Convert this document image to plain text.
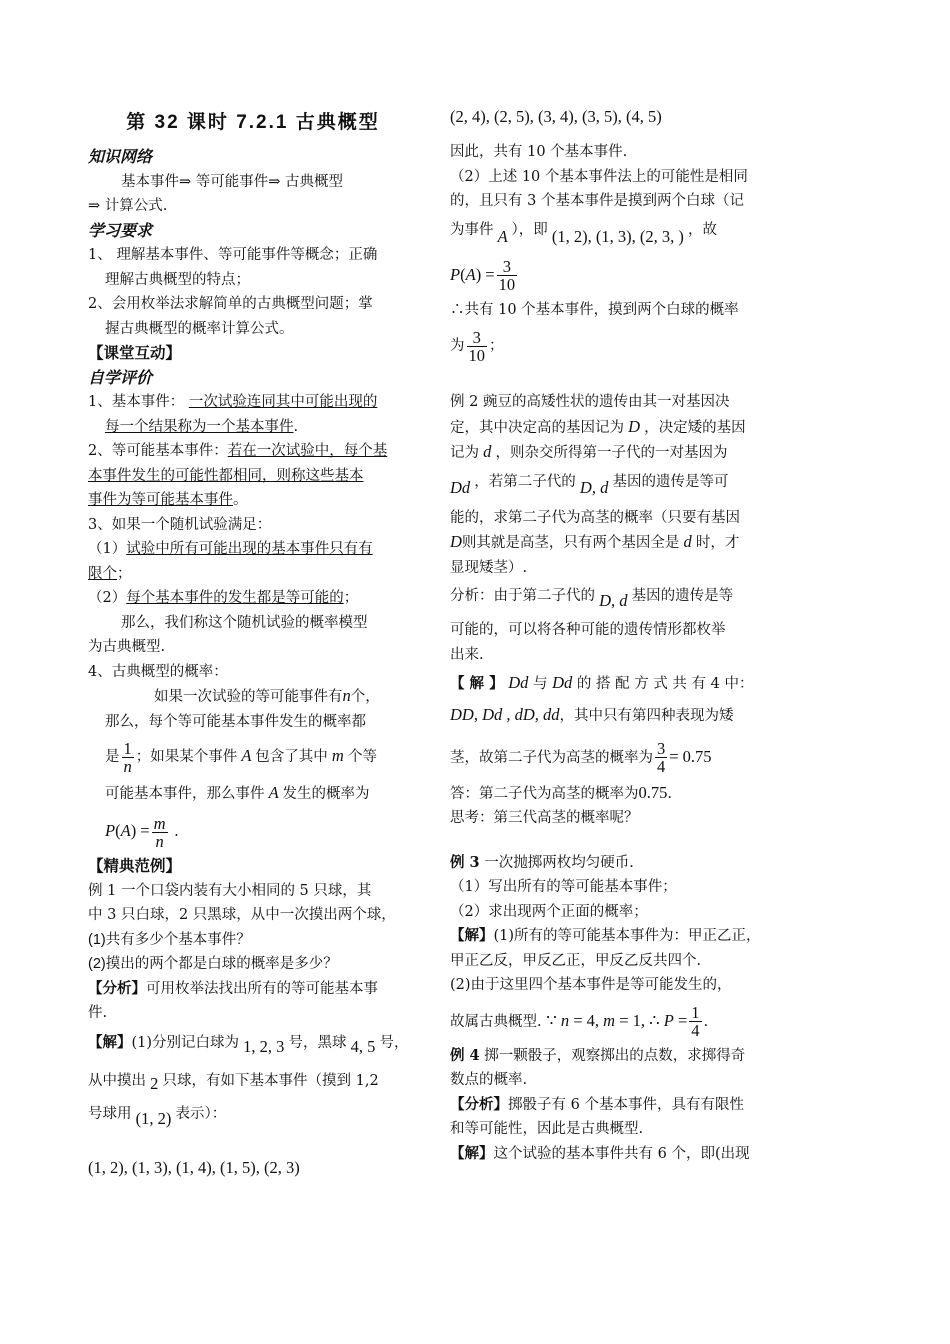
第 32 课时 7.2.1 古典概型

知识网络

基本事件⇒ 等可能事件⇒ 古典概型

⇒ 计算公式.

学习要求

1、 理解基本事件、等可能事件等概念；正确

理解古典概型的特点；

2、会用枚举法求解简单的古典概型问题；掌

握古典概型的概率计算公式。

【课堂互动】

自学评价

1、基本事件： 一次试验连同其中可能出现的

每一个结果称为一个基本事件.

2、等可能基本事件：若在一次试验中，每个基

本事件发生的可能性都相同，则称这些基本

事件为等可能基本事件。

3、如果一个随机试验满足：

（1）试验中所有可能出现的基本事件只有有

限个；

（2）每个基本事件的发生都是等可能的；

那么，我们称这个随机试验的概率模型

为古典概型.

4、古典概型的概率：

如果一次试验的等可能事件有n个，

那么，每个等可能基本事件发生的概率都

是 $\frac{1}{n}$ ；如果某个事件 A 包含了其中 m 个等

可能基本事件，那么事件 A 发生的概率为

$P(A) = \frac{m}{n}$ .

【精典范例】

例 1 一个口袋内装有大小相同的 5 只球，其

中 3 只白球，2 只黑球，从中一次摸出两个球，

(1)共有多少个基本事件？

(2)摸出的两个都是白球的概率是多少？

【分析】可用枚举法找出所有的等可能基本事

件.

【解】(1)分别记白球为 1, 2, 3 号，黑球 4, 5 号，

从中摸出 2 只球，有如下基本事件（摸到 1,2

号球用 (1, 2) 表示）：

(1, 2), (1, 3), (1, 4), (1, 5), (2, 3)

(2, 4), (2, 5), (3, 4), (3, 5), (4, 5)

因此，共有 10 个基本事件.

（2）上述 10 个基本事件法上的可能性是相同

的，且只有 3 个基本事件是摸到两个白球（记

为事件 A ），即 (1, 2), (1, 3), (2, 3, ) ，故

$P(A) = \frac{3}{10}$

∴共有 10 个基本事件，摸到两个白球的概率

为 $\frac{3}{10}$ ；

例 2 豌豆的高矮性状的遗传由其一对基因决

定，其中决定高的基因记为 D ，决定矮的基因

记为 d ，则杂交所得第一子代的一对基因为

Dd ，若第二子代的 D, d 基因的遗传是等可

能的，求第二子代为高茎的概率（只要有基因

D则其就是高茎，只有两个基因全是 d 时，才

显现矮茎）.

分析：由于第二子代的 D, d 基因的遗传是等

可能的，可以将各种可能的遗传情形都枚举

出来.

【 解 】 Dd 与 Dd 的 搭 配 方 式 共 有 4 中：

DD, Dd , dD, dd，其中只有第四种表现为矮

茎，故第二子代为高茎的概率为 $\frac{3}{4} = 0.75$

答：第二子代为高茎的概率为0.75.

思考：第三代高茎的概率呢？

例 3 一次抛掷两枚均匀硬币.

（1）写出所有的等可能基本事件；

（2）求出现两个正面的概率；

【解】(1)所有的等可能基本事件为：甲正乙正，

甲正乙反，甲反乙正，甲反乙反共四个.

(2)由于这里四个基本事件是等可能发生的，

故属古典概型. ∵ n = 4, m = 1, ∴ $P = \frac{1}{4}$ .

例 4 掷一颗骰子，观察掷出的点数，求掷得奇

数点的概率.

【分析】掷骰子有 6 个基本事件，具有有限性

和等可能性，因此是古典概型.

【解】这个试验的基本事件共有 6 个，即(出现
